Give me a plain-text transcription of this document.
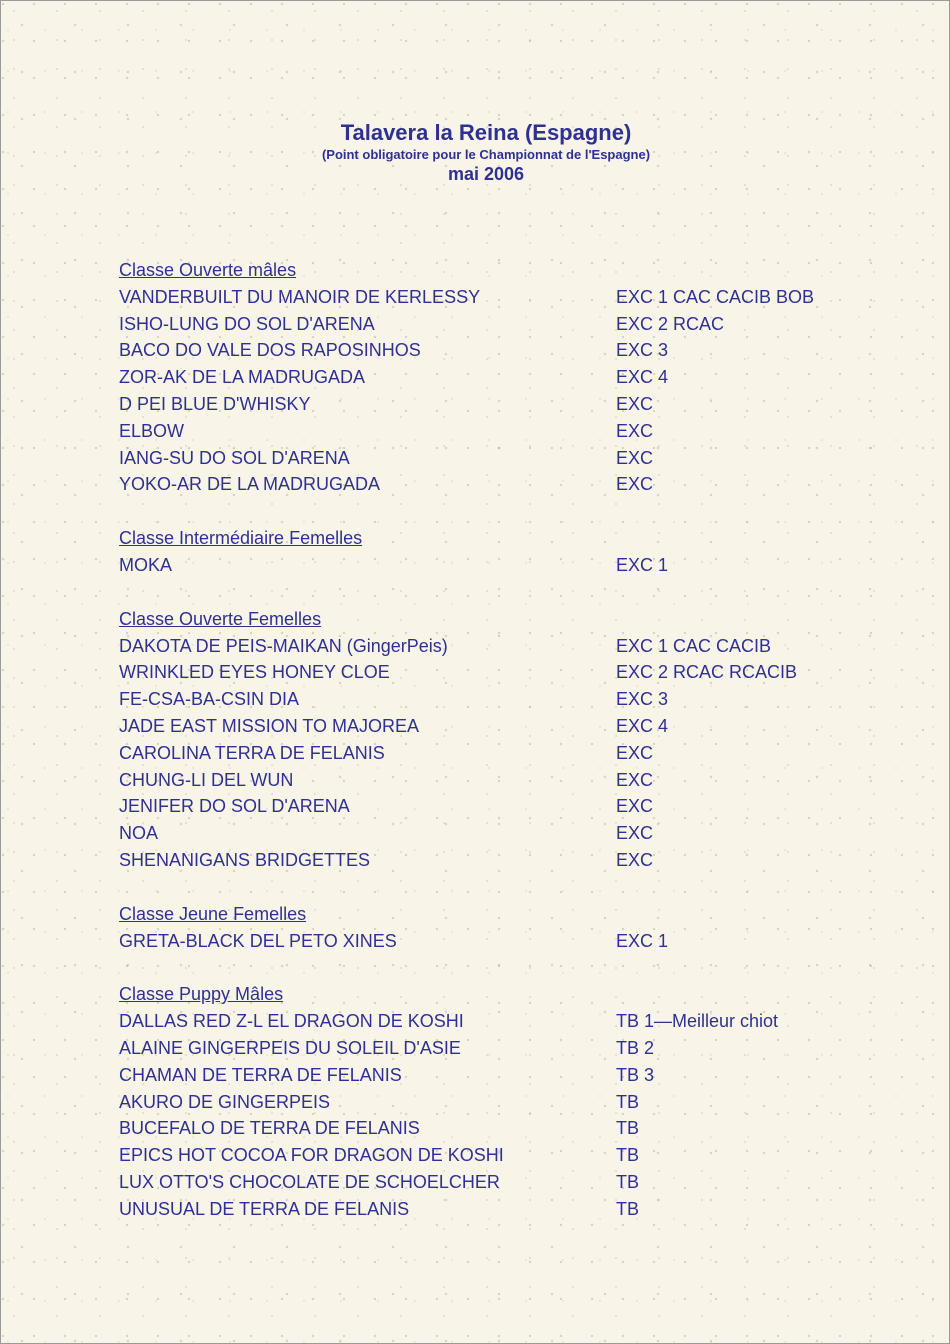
Talavera la Reina (Espagne)
(Point obligatoire pour le Championnat de l'Espagne)
mai 2006
Classe Ouverte mâles
VANDERBUILT DU MANOIR DE KERLESSY	EXC 1 CAC CACIB BOB
ISHO-LUNG DO SOL D'ARENA	EXC 2 RCAC
BACO DO VALE DOS RAPOSINHOS	EXC 3
ZOR-AK DE LA MADRUGADA	EXC 4
D PEI BLUE D'WHISKY	EXC
ELBOW	EXC
IANG-SU DO SOL D'ARENA	EXC
YOKO-AR DE LA MADRUGADA	EXC
Classe Intermédiaire Femelles
MOKA	EXC 1
Classe Ouverte Femelles
DAKOTA DE PEIS-MAIKAN (GingerPeis)	EXC 1 CAC CACIB
WRINKLED EYES HONEY CLOE	EXC 2 RCAC RCACIB
FE-CSA-BA-CSIN DIA	EXC 3
JADE EAST MISSION TO MAJOREA	EXC 4
CAROLINA TERRA DE FELANIS	EXC
CHUNG-LI DEL WUN	EXC
JENIFER DO SOL D'ARENA	EXC
NOA	EXC
SHENANIGANS BRIDGETTES	EXC
Classe Jeune Femelles
GRETA-BLACK DEL PETO XINES	EXC 1
Classe Puppy Mâles
DALLAS RED Z-L EL DRAGON DE KOSHI	TB 1—Meilleur chiot
ALAINE GINGERPEIS DU SOLEIL D'ASIE	TB 2
CHAMAN DE TERRA DE FELANIS	TB 3
AKURO DE GINGERPEIS	TB
BUCEFALO DE TERRA DE FELANIS	TB
EPICS HOT COCOA FOR DRAGON DE KOSHI	TB
LUX OTTO'S CHOCOLATE DE SCHOELCHER	TB
UNUSUAL DE TERRA DE FELANIS	TB
